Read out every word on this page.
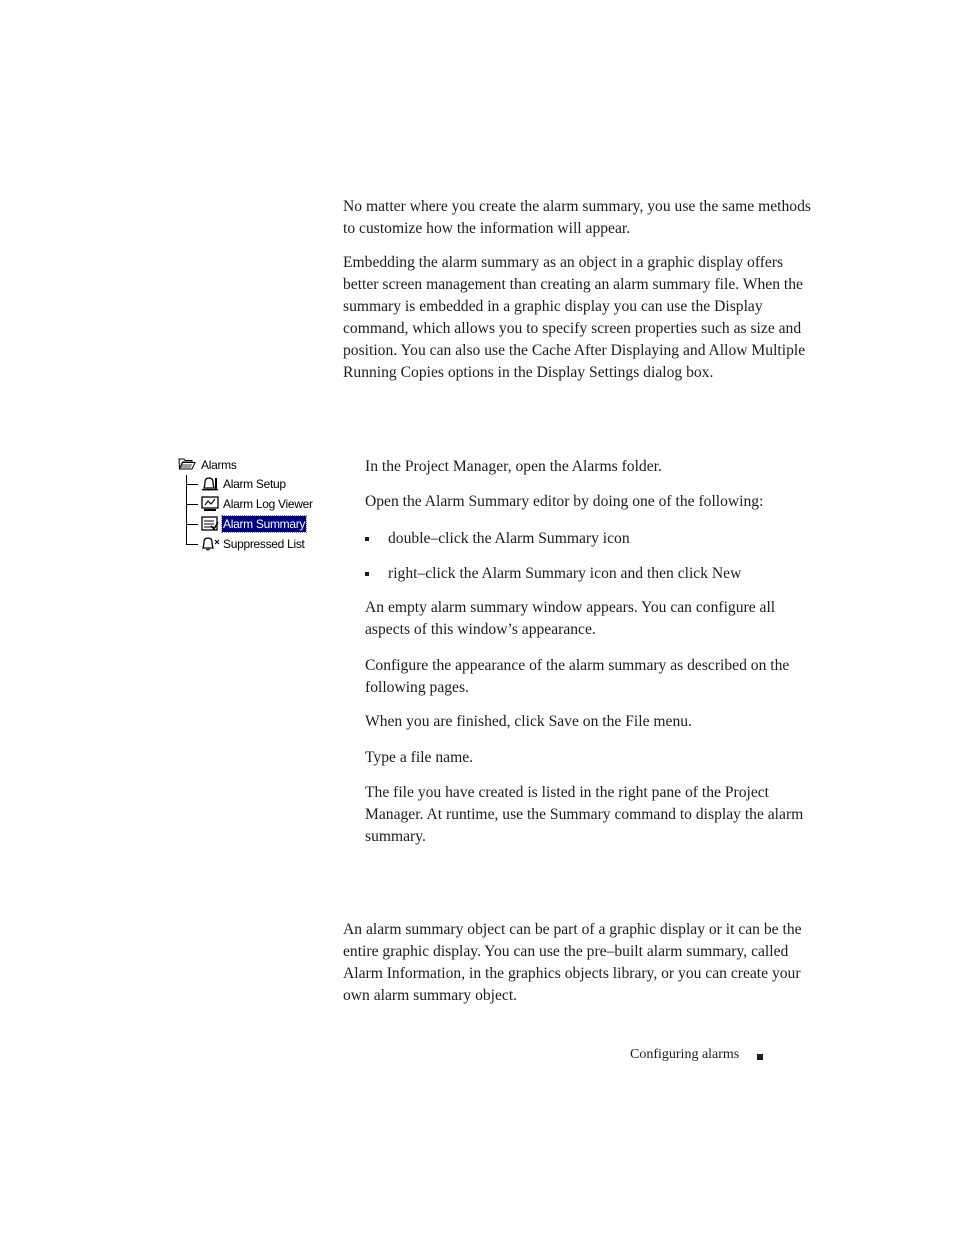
No matter where you create the alarm summary, you use the same methods to customize how the information will appear.

Embedding the alarm summary as an object in a graphic display offers better screen management than creating an alarm summary file. When the summary is embedded in a graphic display you can use the Display command, which allows you to specify screen properties such as size and position. You can also use the Cache After Displaying and Allow Multiple Running Copies options in the Display Settings dialog box.

Alarms
Alarm Setup
Alarm Log Viewer
Alarm Summary
Suppressed List

In the Project Manager, open the Alarms folder.

Open the Alarm Summary editor by doing one of the following:

double–click the Alarm Summary icon
right–click the Alarm Summary icon and then click New

An empty alarm summary window appears. You can configure all aspects of this window’s appearance.

Configure the appearance of the alarm summary as described on the following pages.

When you are finished, click Save on the File menu.

Type a file name.

The file you have created is listed in the right pane of the Project Manager. At runtime, use the Summary command to display the alarm summary.

An alarm summary object can be part of a graphic display or it can be the entire graphic display. You can use the pre–built alarm summary, called Alarm Information, in the graphics objects library, or you can create your own alarm summary object.

Configuring alarms
